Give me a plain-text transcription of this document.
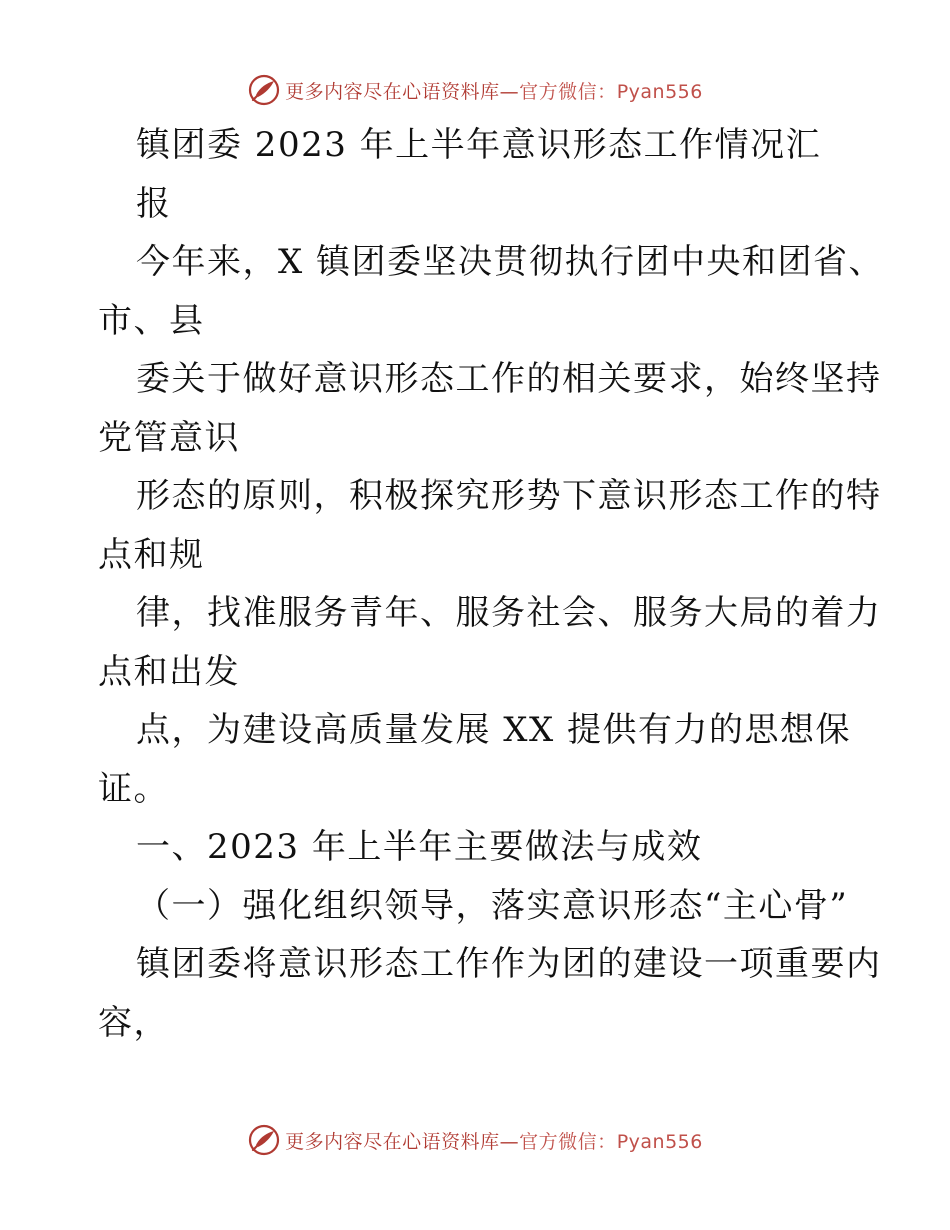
更多内容尽在心语资料库—官方微信：Pyan556
镇团委 2023 年上半年意识形态工作情况汇
报
今年来，X 镇团委坚决贯彻执行团中央和团省、
市、县
委关于做好意识形态工作的相关要求，始终坚持
党管意识
形态的原则，积极探究形势下意识形态工作的特
点和规
律，找准服务青年、服务社会、服务大局的着力
点和出发
点，为建设高质量发展 XX 提供有力的思想保
证。
一、2023 年上半年主要做法与成效
（一）强化组织领导，落实意识形态“主心骨”
镇团委将意识形态工作作为团的建设一项重要内
容，
更多内容尽在心语资料库—官方微信：Pyan556
